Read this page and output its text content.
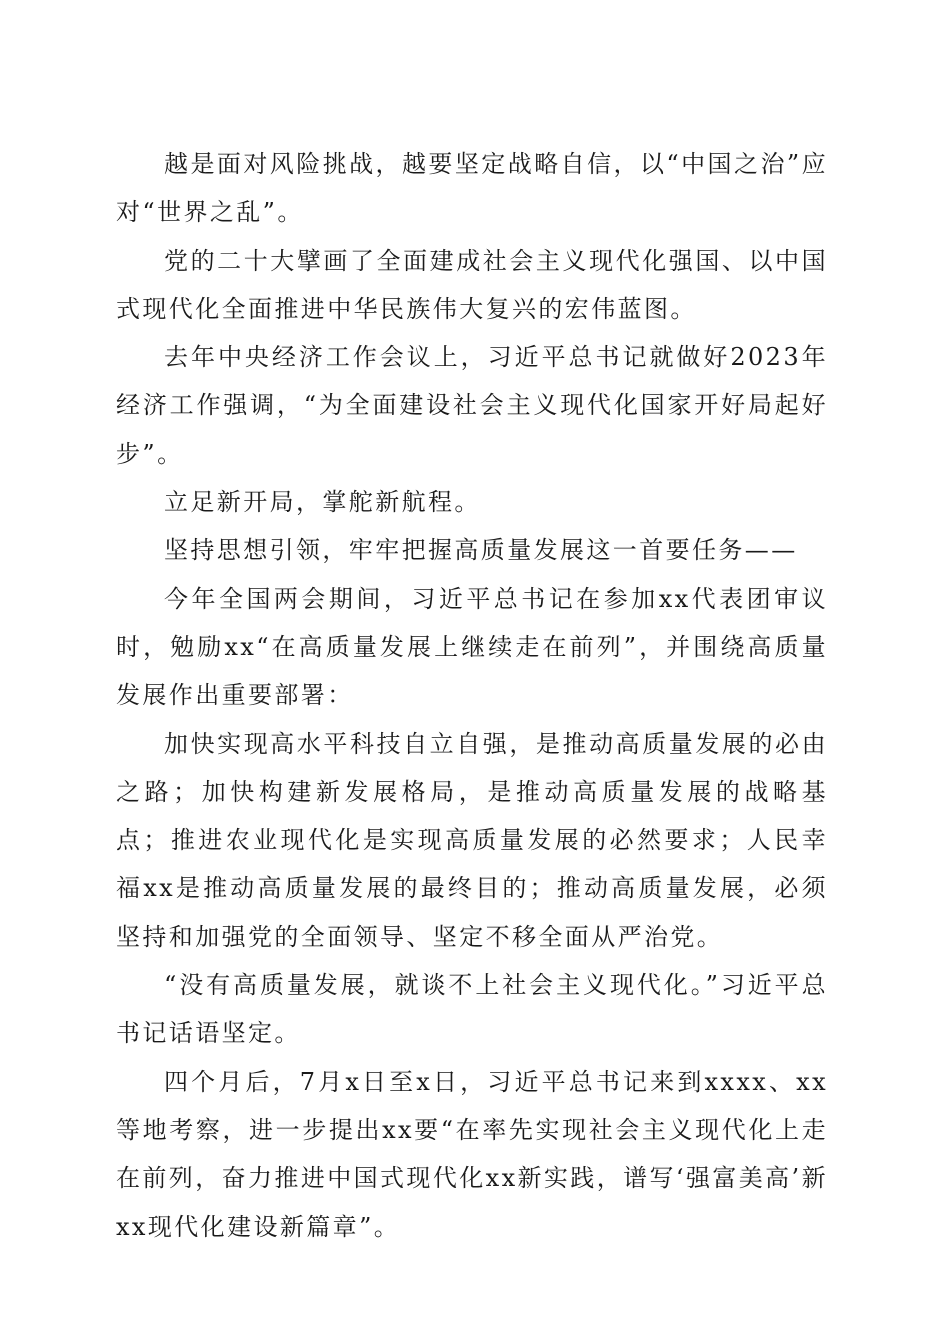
越是面对风险挑战，越要坚定战略自信，以“中国之治”应对“世界之乱”。

党的二十大擘画了全面建成社会主义现代化强国、以中国式现代化全面推进中华民族伟大复兴的宏伟蓝图。

去年中央经济工作会议上，习近平总书记就做好2023年经济工作强调，“为全面建设社会主义现代化国家开好局起好步”。

立足新开局，掌舵新航程。

坚持思想引领，牢牢把握高质量发展这一首要任务——

今年全国两会期间，习近平总书记在参加xx代表团审议时，勉励xx“在高质量发展上继续走在前列”，并围绕高质量发展作出重要部署：

加快实现高水平科技自立自强，是推动高质量发展的必由之路；加快构建新发展格局，是推动高质量发展的战略基点；推进农业现代化是实现高质量发展的必然要求；人民幸福xx是推动高质量发展的最终目的；推动高质量发展，必须坚持和加强党的全面领导、坚定不移全面从严治党。

“没有高质量发展，就谈不上社会主义现代化。”习近平总书记话语坚定。

四个月后，7月x日至x日，习近平总书记来到xxxx、xx等地考察，进一步提出xx要“在率先实现社会主义现代化上走在前列，奋力推进中国式现代化xx新实践，谱写‘强富美高’新xx现代化建设新篇章”。
